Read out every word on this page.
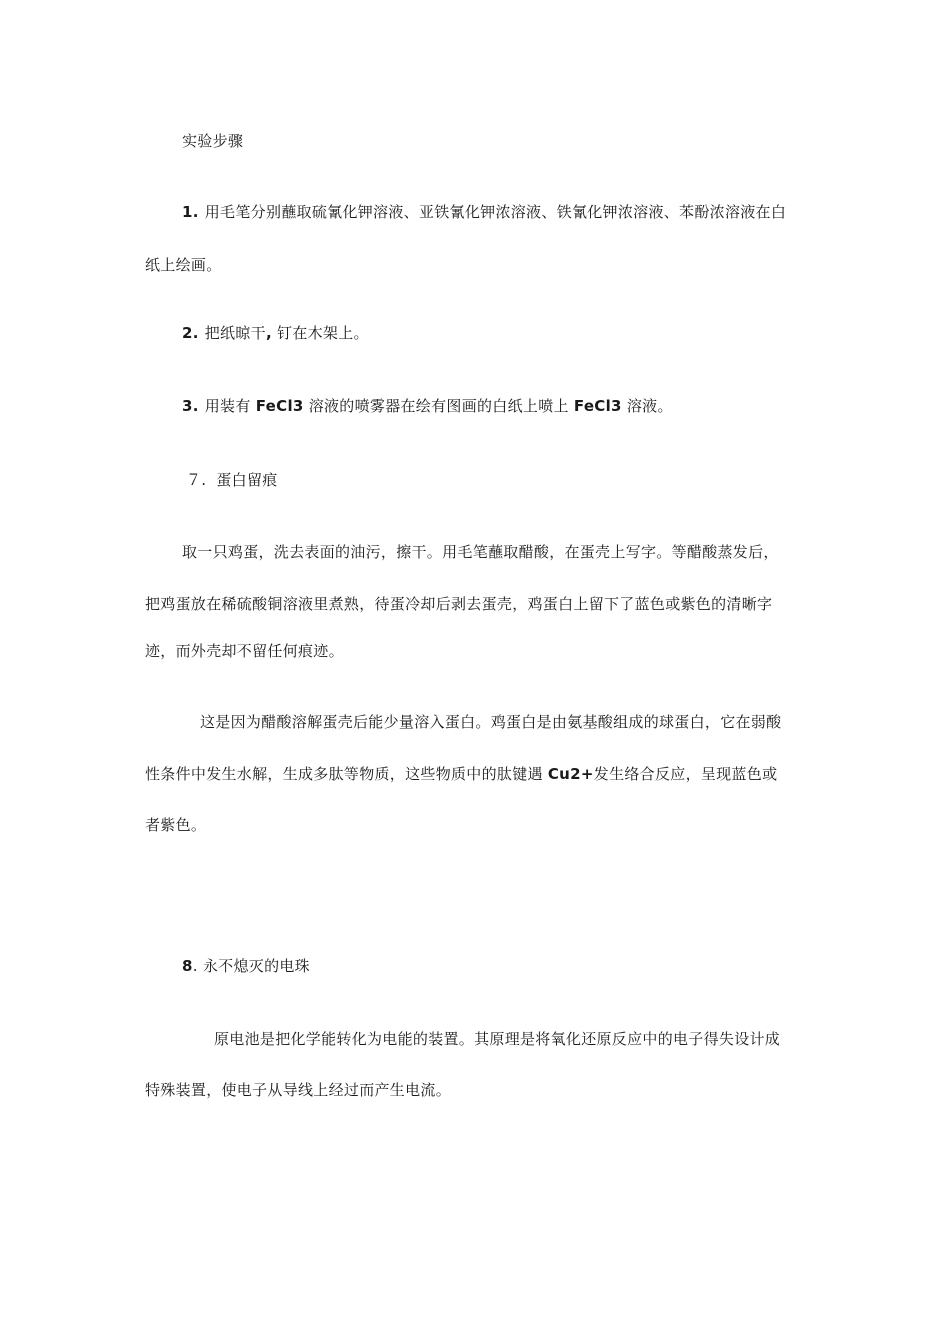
实验步骤
1. 用毛笔分别蘸取硫氰化钾溶液、亚铁氰化钾浓溶液、铁氰化钾浓溶液、苯酚浓溶液在白
纸上绘画。
2. 把纸晾干, 钉在木架上。
3. 用装有 FeCl3 溶液的喷雾器在绘有图画的白纸上喷上 FeCl3 溶液。
７. 蛋白留痕
取一只鸡蛋，洗去表面的油污，擦干。用毛笔蘸取醋酸，在蛋壳上写字。等醋酸蒸发后，
把鸡蛋放在稀硫酸铜溶液里煮熟，待蛋冷却后剥去蛋壳，鸡蛋白上留下了蓝色或紫色的清晰字
迹，而外壳却不留任何痕迹。
这是因为醋酸溶解蛋壳后能少量溶入蛋白。鸡蛋白是由氨基酸组成的球蛋白，它在弱酸
性条件中发生水解，生成多肽等物质，这些物质中的肽键遇 Cu2+发生络合反应，呈现蓝色或
者紫色。
8. 永不熄灭的电珠
原电池是把化学能转化为电能的装置。其原理是将氧化还原反应中的电子得失设计成
特殊装置，使电子从导线上经过而产生电流。
